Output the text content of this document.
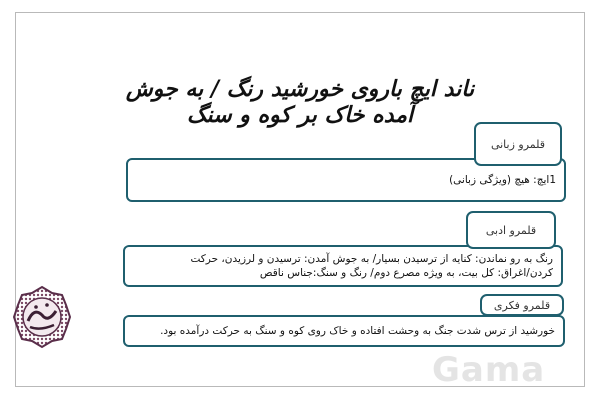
ناند ایچ باروی خورشید رنگ / به جوش آمده خاک بر کوه و سنگ
1ایچ: هیچ (ویژگی زبانی)
قلمرو زبانی
رنگ به رو نماندن: کنایه از ترسیدن بسیار/ به جوش آمدن: ترسیدن و لرزیدن، حرکت
کردن/اغراق: کل بیت، به ویژه مصرع دوم/ رنگ و سنگ:جناس ناقص
قلمرو ادبی
خورشید از ترس شدت جنگ به وحشت افتاده و خاک روی کوه و سنگ به حرکت درآمده بود.
قلمرو فکری
Gama
